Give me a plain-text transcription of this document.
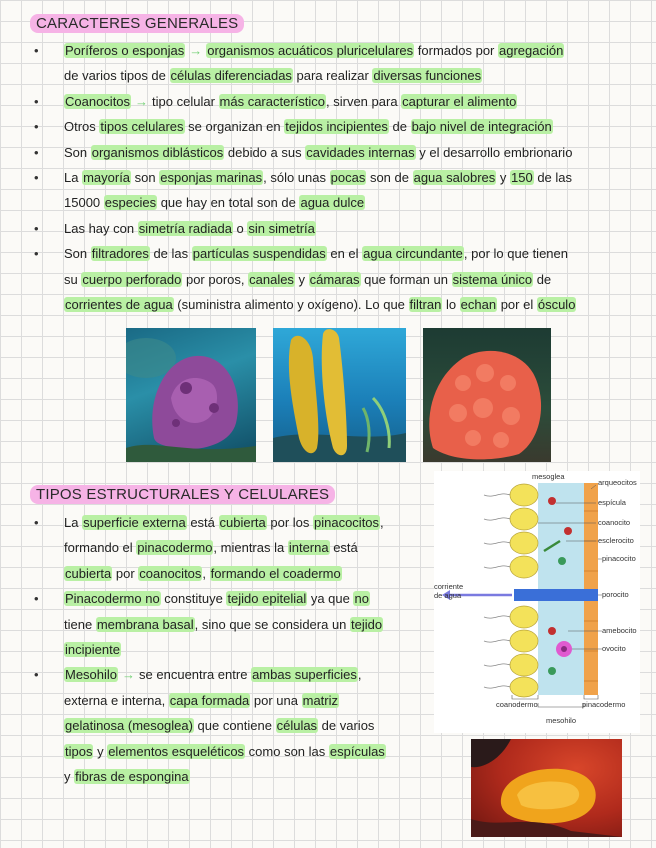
CARACTERES GENERALES
• Poríferos o esponjas → organismos acuáticos pluricelulares formados por agregación
de varios tipos de células diferenciadas para realizar diversas funciones
• Coanocitos → tipo celular más característico, sirven para capturar el alimento
• Otros tipos celulares se organizan en tejidos incipientes de bajo nivel de integración
• Son organismos diblásticos debido a sus cavidades internas y el desarrollo embrionario
• La mayoría son esponjas marinas, sólo unas pocas son de agua salobres y 150 de las
15000 especies que hay en total son de agua dulce
• Las hay con simetría radiada o sin simetría
• Son filtradores de las partículas suspendidas en el agua circundante, por lo que tienen
su cuerpo perforado por poros, canales y cámaras que forman un sistema único de
corrientes de agua (suministra alimento y oxígeno). Lo que filtran lo echan por el ósculo
TIPOS ESTRUCTURALES Y CELULARES
• La superficie externa está cubierta por los pinacocitos,
formando el pinacodermo, mientras la interna está
cubierta por coanocitos, formando el coadermo
• Pinacodermo no constituye tejido epitelial ya que no
tiene membrana basal, sino que se considera un tejido
incipiente
• Mesohilo → se encuentra entre ambas superficies,
externa e interna, capa formada por una matriz
gelatinosa (mesoglea) que contiene células de varios
tipos y elementos esqueléticos como son las espículas
y fibras de espongina
mesoglea
arqueocitos
espícula
coanocito
esclerocito
pinacocito
corriente
de agua	porocito
amebocito
ovocito
coanodermo	pinacodermo
mesohilo
